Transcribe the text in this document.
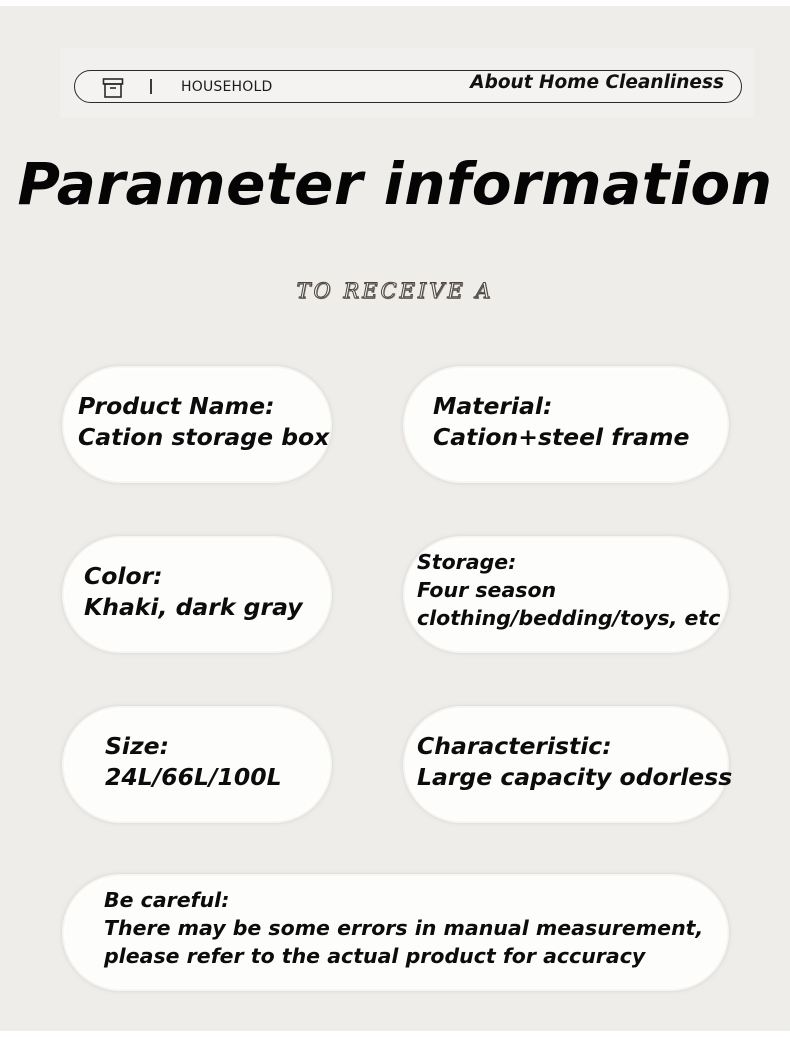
HOUSEHOLD	About Home Cleanliness
Parameter information
TO RECEIVE A
Product Name:
Cation storage box
Material:
Cation+steel frame
Color:
Khaki, dark gray
Storage:
Four season
clothing/bedding/toys, etc
Size:
24L/66L/100L
Characteristic:
Large capacity odorless
Be careful:
There may be some errors in manual measurement,
please refer to the actual product for accuracy
